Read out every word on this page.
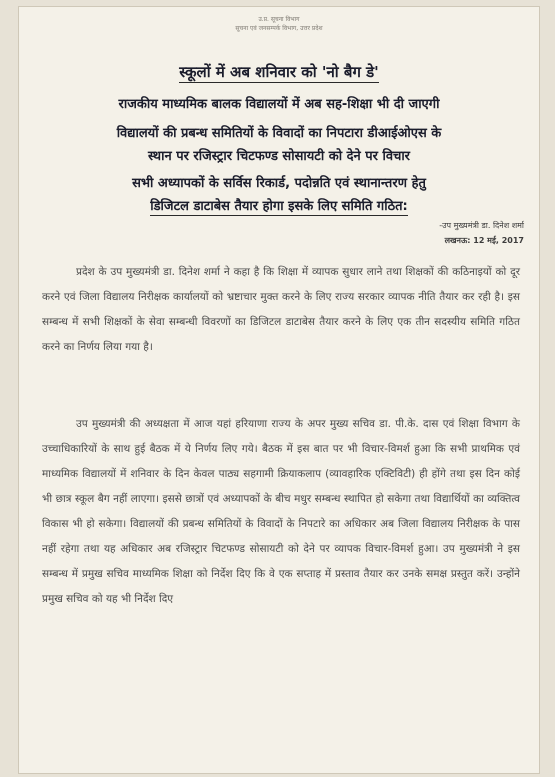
उ.प्र. सूचना विभाग
सूचना एवं जनसम्पर्क विभाग, उत्तर प्रदेश
स्कूलों में अब शनिवार को 'नो बैग डे'
राजकीय माध्यमिक बालक विद्यालयों में अब सह-शिक्षा भी दी जाएगी
विद्यालयों की प्रबन्ध समितियों के विवादों का निपटारा डीआईओएस के
स्थान पर रजिस्ट्रार चिटफण्ड सोसायटी को देने पर विचार
सभी अध्यापकों के सर्विस रिकार्ड, पदोन्नति एवं स्थानान्तरण हेतु
डिजिटल डाटाबेस तैयार होगा इसके लिए समिति गठित:
-उप मुख्यमंत्री डा. दिनेश शर्मा
लखनऊ: 12 मई, 2017
प्रदेश के उप मुख्यमंत्री डा. दिनेश शर्मा ने कहा है कि शिक्षा में व्यापक सुधार लाने तथा शिक्षकों की कठिनाइयों को दूर करने एवं जिला विद्यालय निरीक्षक कार्यालयों को भ्रष्टाचार मुक्त करने के लिए राज्य सरकार व्यापक नीति तैयार कर रही है। इस सम्बन्ध में सभी शिक्षकों के सेवा सम्बन्धी विवरणों का डिजिटल डाटाबेस तैयार करने के लिए एक तीन सदस्यीय समिति गठित करने का निर्णय लिया गया है।
उप मुख्यमंत्री की अध्यक्षता में आज यहां हरियाणा राज्य के अपर मुख्य सचिव डा. पी.के. दास एवं शिक्षा विभाग के उच्चाधिकारियों के साथ हुई बैठक में ये निर्णय लिए गये। बैठक में इस बात पर भी विचार-विमर्श हुआ कि सभी प्राथमिक एवं माध्यमिक विद्यालयों में शनिवार के दिन केवल पाठ्य सहगामी क्रियाकलाप (व्यावहारिक एक्टिविटी) ही होंगे तथा इस दिन कोई भी छात्र स्कूल बैग नहीं लाएगा। इससे छात्रों एवं अध्यापकों के बीच मधुर सम्बन्ध स्थापित हो सकेगा तथा विद्यार्थियों का व्यक्तित्व विकास भी हो सकेगा। विद्यालयों की प्रबन्ध समितियों के विवादों के निपटारे का अधिकार अब जिला विद्यालय निरीक्षक के पास नहीं रहेगा तथा यह अधिकार अब रजिस्ट्रार चिटफण्ड सोसायटी को देने पर व्यापक विचार-विमर्श हुआ। उप मुख्यमंत्री ने इस सम्बन्ध में प्रमुख सचिव माध्यमिक शिक्षा को निर्देश दिए कि वे एक सप्ताह में प्रस्ताव तैयार कर उनके समक्ष प्रस्तुत करें। उन्होंने प्रमुख सचिव को यह भी निर्देश दिए
